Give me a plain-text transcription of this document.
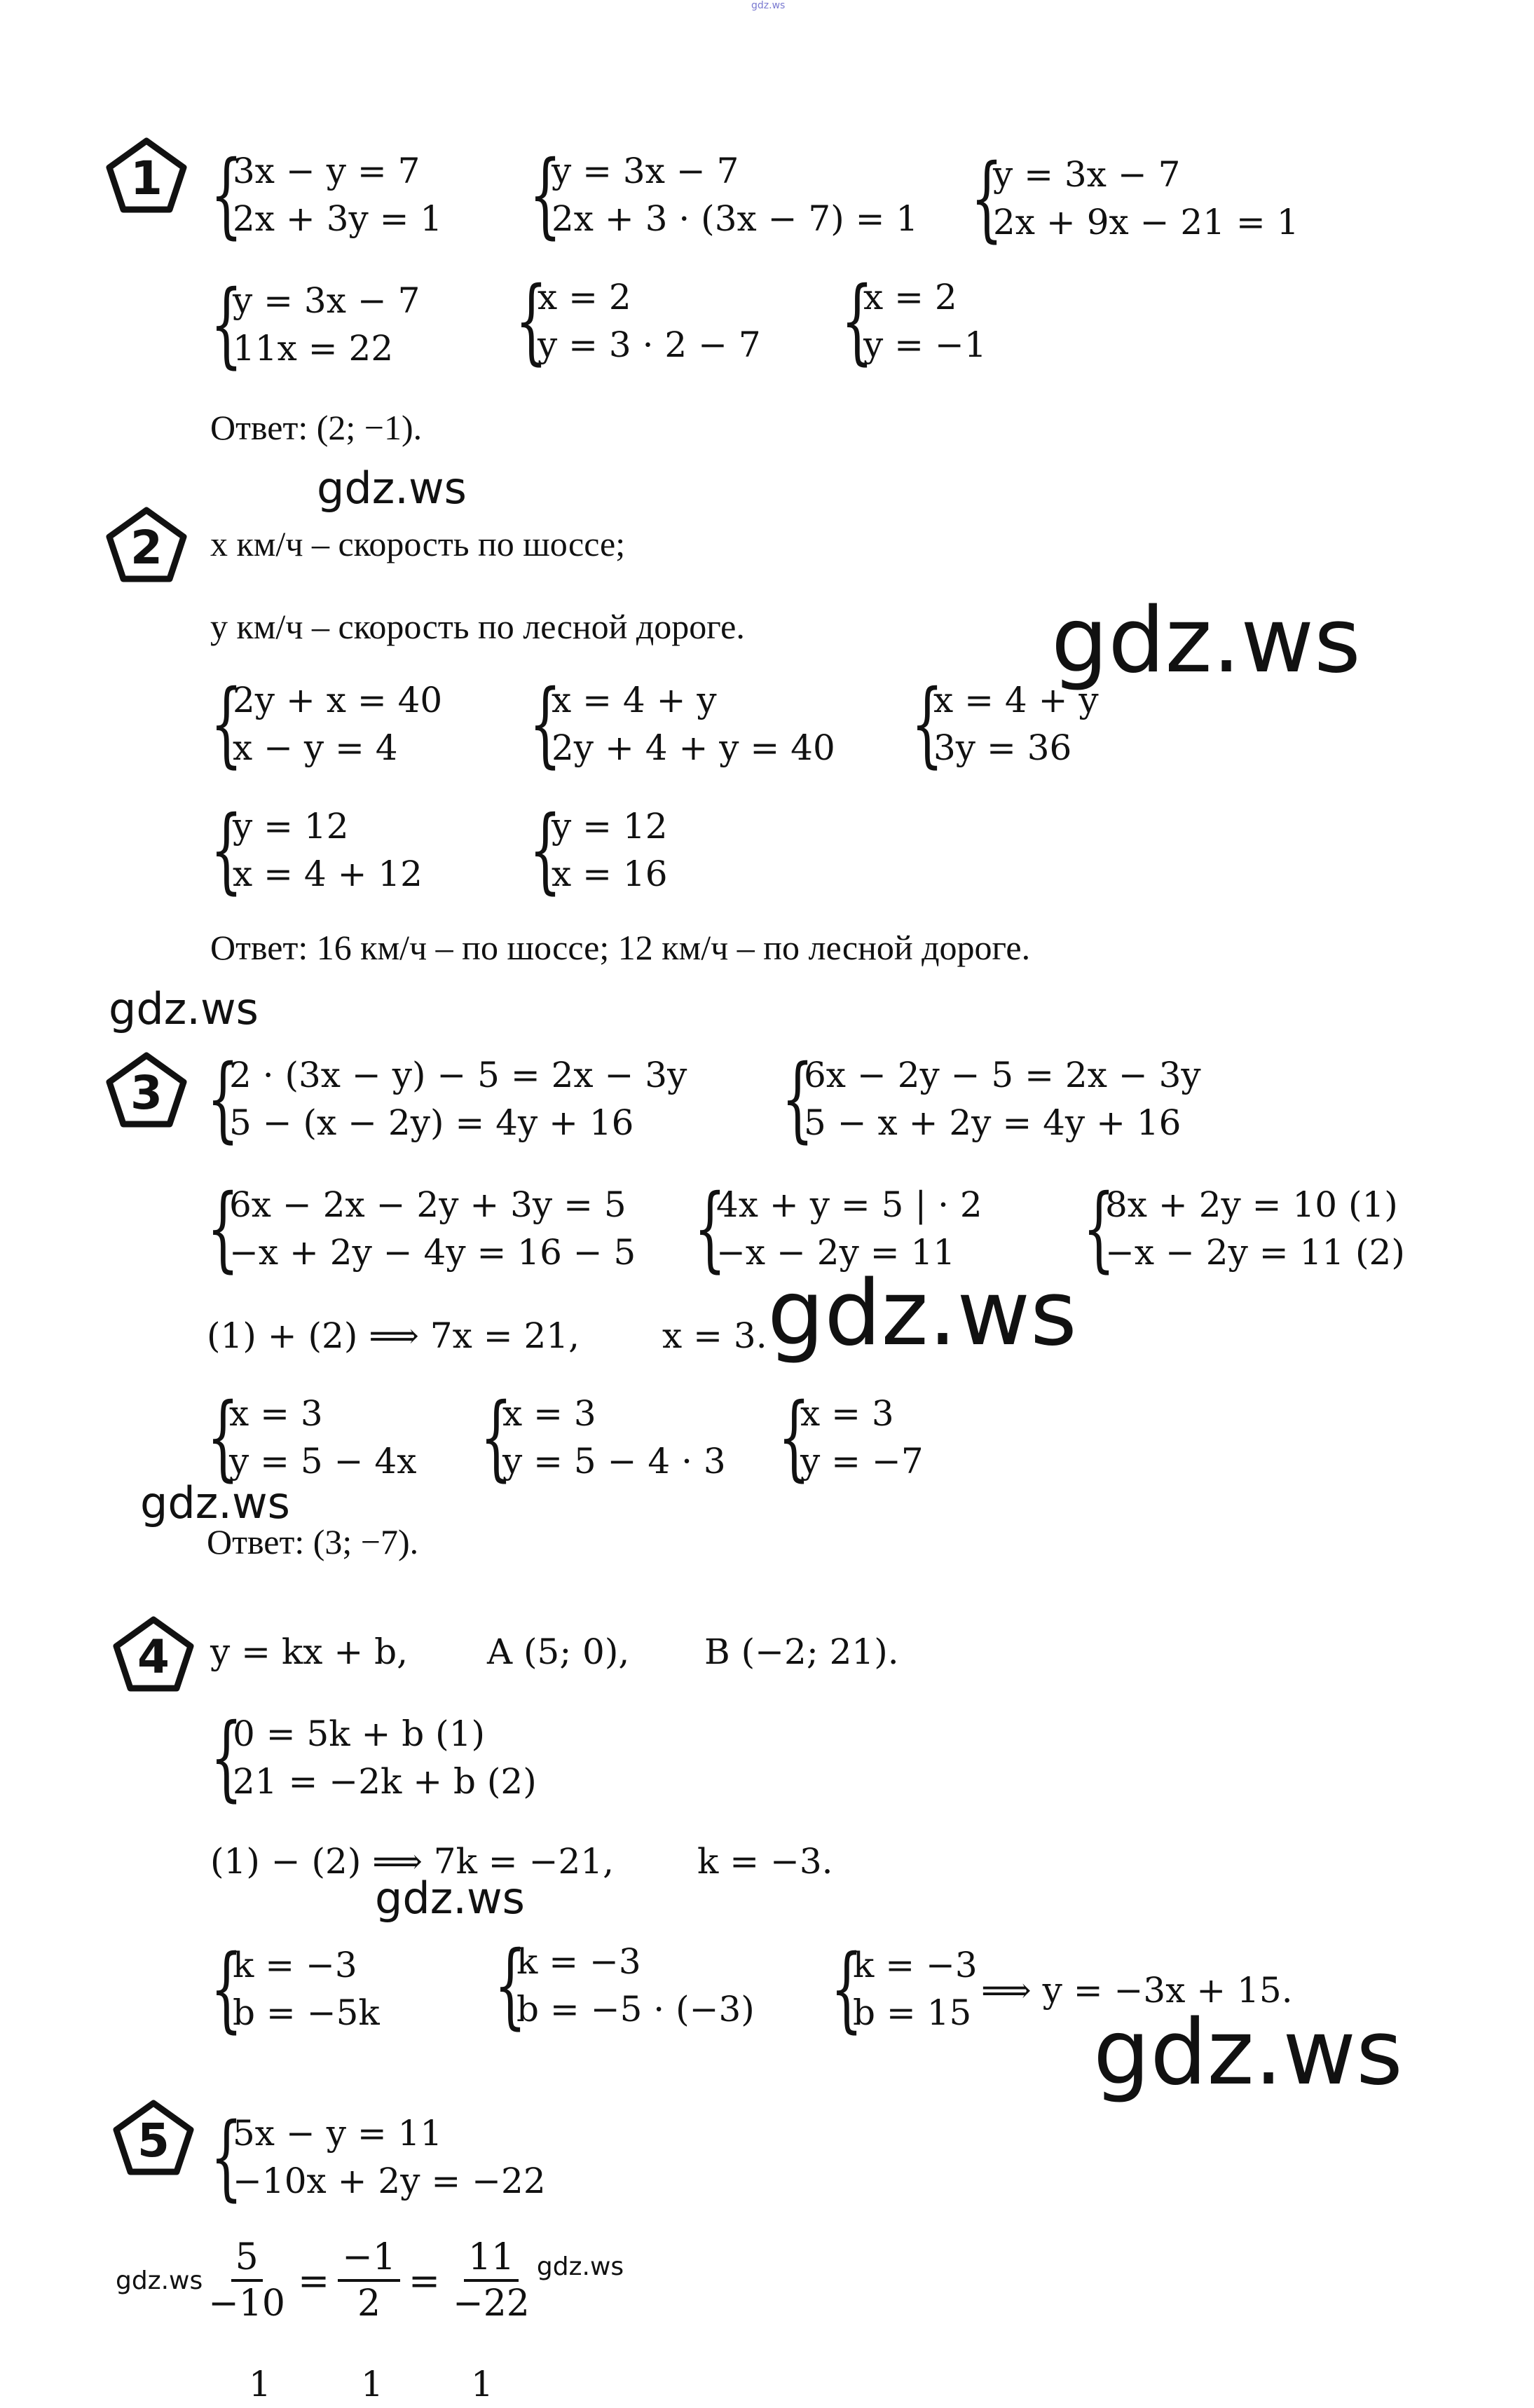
gdz.ws
1 {
3x − y = 7
2x + 3y = 1 {
y = 3x − 7
2x + 3 · (3x − 7) = 1 {
y = 3x − 7
2x + 9x − 21 = 1
{
y = 3x − 7
11x = 22 {
x = 2
y = 3 · 2 − 7 {
x = 2
y = −1
Ответ: (2; −1).
gdz.ws
2	x км/ч – скорость по шоссе;
y км/ч – скорость по лесной дороге.	gdz.ws
{
2y + x = 40
x − y = 4	{
x = 4 + y
2y + 4 + y = 40 {
x = 4 + y
3y = 36
{
y = 12
x = 4 + 12 {
y = 12
x = 16
Ответ: 16 км/ч – по шоссе; 12 км/ч – по лесной дороге.
gdz.ws
3 {
2 · (3x − y) − 5 = 2x − 3y
5 − (x − 2y) = 4y + 16	{
6x − 2y − 5 = 2x − 3y
5 − x + 2y = 4y + 16
{
6x − 2x − 2y + 3y = 5
−x + 2y − 4y = 16 − 5 {
4x + y = 5 | · 2
−x − 2y = 11 {
8x + 2y = 10 (1)
−x − 2y = 11 (2)
(1) + (2) ⟹ 7x = 21, x = 3. gdz.ws
{
x = 3
y = 5 − 4x {
x = 3
y = 5 − 4 · 3 {
x = 3
y = −7
gdz.ws
Ответ: (3; −7).
4	y = kx + b, A (5; 0), B (−2; 21).
{
0 = 5k + b (1)
21 = −2k + b (2)
(1) − (2) ⟹ 7k = −21, k = −3.
gdz.ws
{
k = −3
b = −5k {
k = −3
b = −5 · (−3) {
k = −3
b = 15
⟹ y = −3x + 15.
gdz.ws
5 {
5x − y = 11
−10x + 2y = −22
$gdz.ws \frac{5}{-10} = \frac{-1}{2} = \frac{11}{-22} gdz.ws$
1	1	1
